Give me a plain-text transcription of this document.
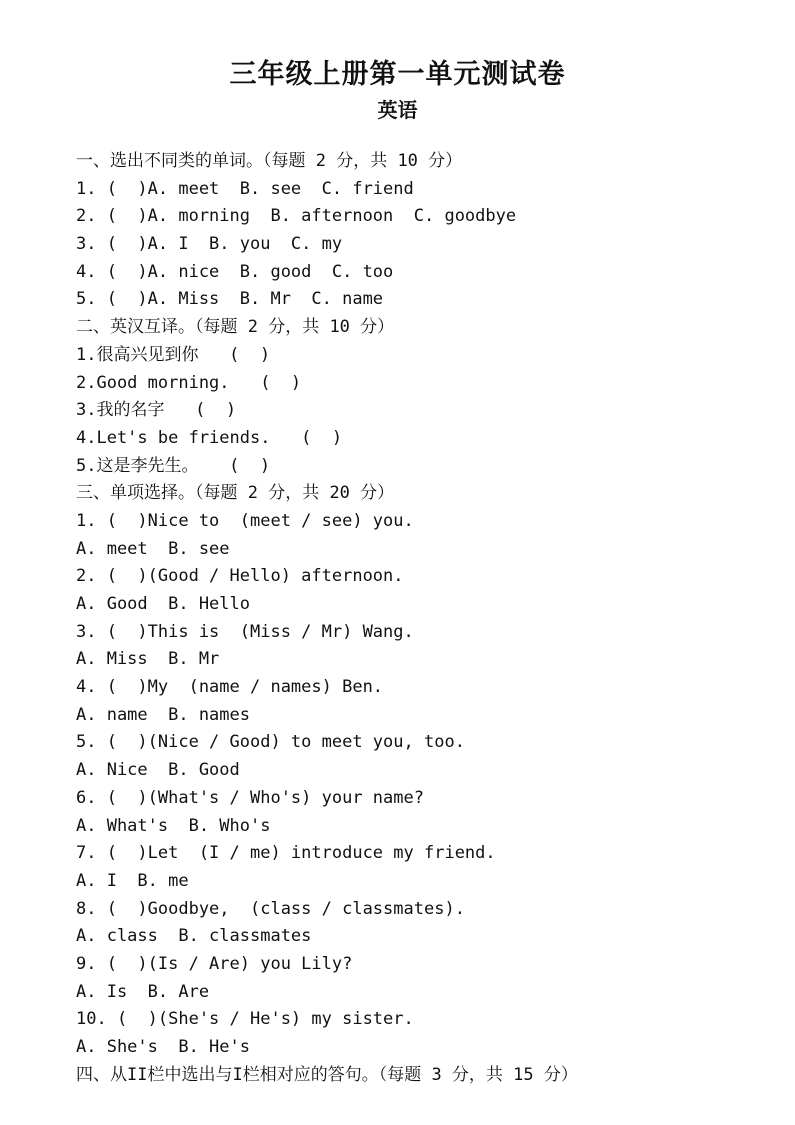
三年级上册第一单元测试卷
英语
一、选出不同类的单词。（每题 2 分，共 10 分）
1. (  )A. meet  B. see  C. friend
2. (  )A. morning  B. afternoon  C. goodbye
3. (  )A. I  B. you  C. my
4. (  )A. nice  B. good  C. too
5. (  )A. Miss  B. Mr  C. name
二、英汉互译。（每题 2 分，共 10 分）
1.很高兴见到你   (  )
2.Good morning.   (  )
3.我的名字   (  )
4.Let's be friends.   (  )
5.这是李先生。   (  )
三、单项选择。（每题 2 分，共 20 分）
1. (  )Nice to  (meet / see) you.
A. meet  B. see
2. (  )(Good / Hello) afternoon.
A. Good  B. Hello
3. (  )This is  (Miss / Mr) Wang.
A. Miss  B. Mr
4. (  )My  (name / names) Ben.
A. name  B. names
5. (  )(Nice / Good) to meet you, too.
A. Nice  B. Good
6. (  )(What's / Who's) your name?
A. What's  B. Who's
7. (  )Let  (I / me) introduce my friend.
A. I  B. me
8. (  )Goodbye,  (class / classmates).
A. class  B. classmates
9. (  )(Is / Are) you Lily?
A. Is  B. Are
10. (  )(She's / He's) my sister.
A. She's  B. He's
四、从II栏中选出与I栏相对应的答句。（每题 3 分，共 15 分）
